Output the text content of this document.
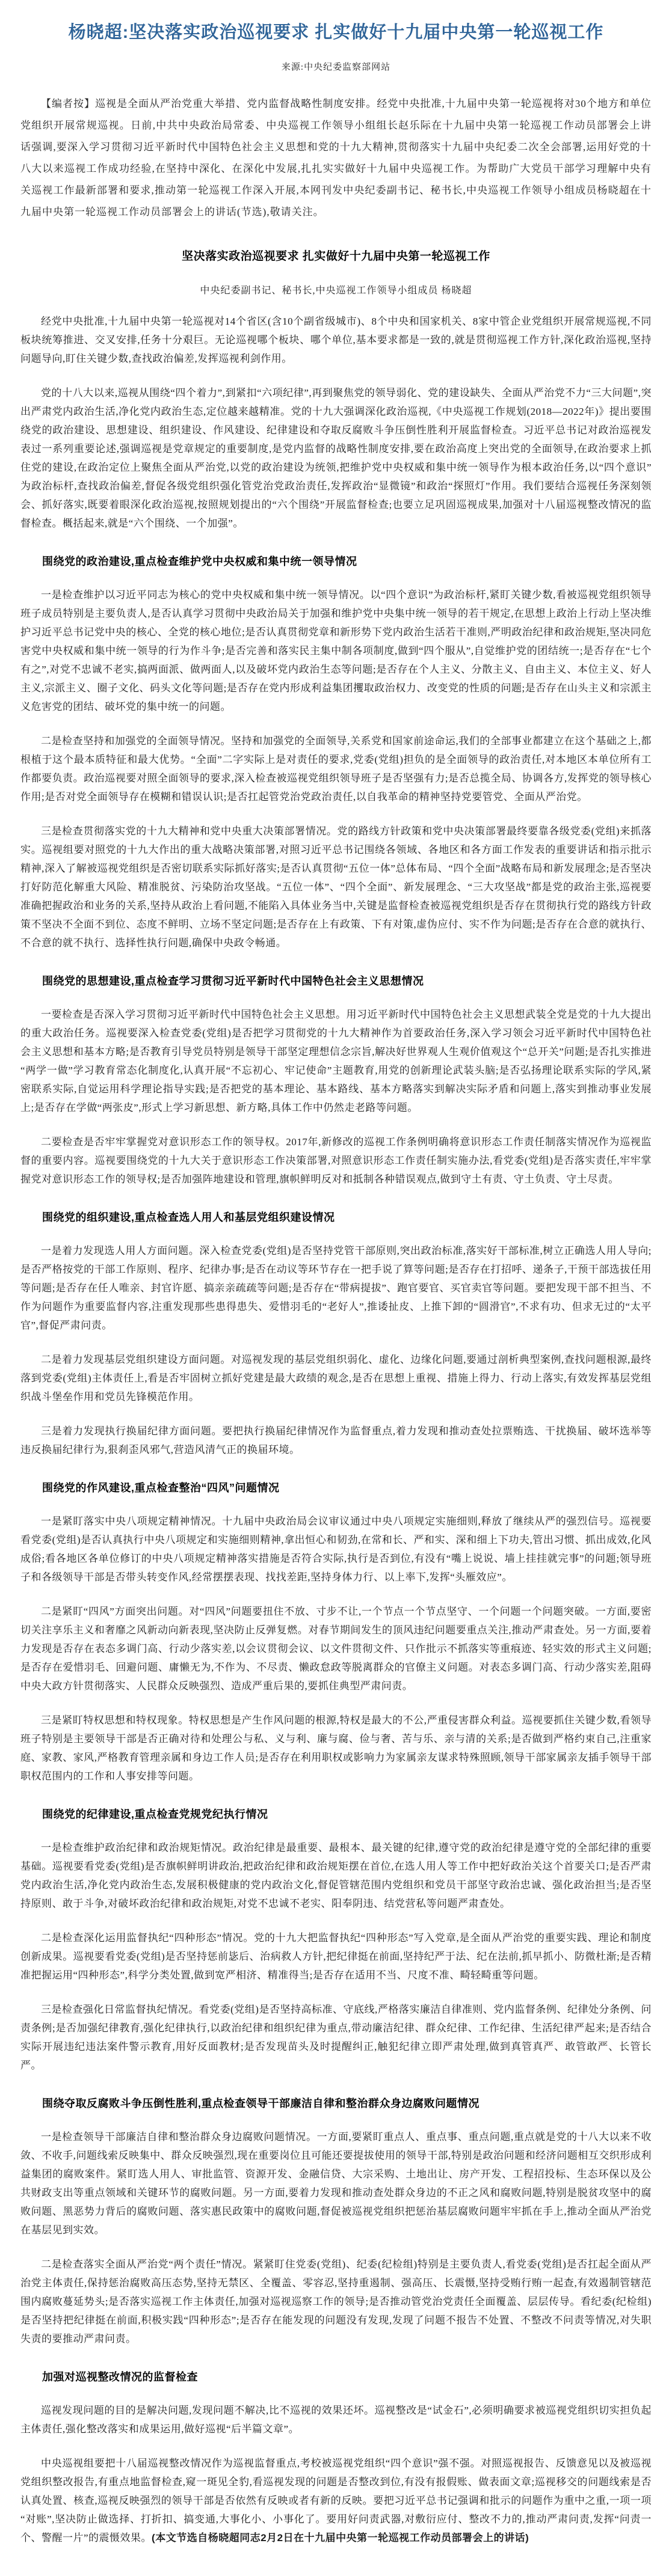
杨晓超:坚决落实政治巡视要求 扎实做好十九届中央第一轮巡视工作
来源:中央纪委监察部网站

【编者按】巡视是全面从严治党重大举措、党内监督战略性制度安排。经党中央批准,十九届中央第一轮巡视将对30个地方和单位党组织开展常规巡视。日前,中共中央政治局常委、中央巡视工作领导小组组长赵乐际在十九届中央第一轮巡视工作动员部署会上讲话强调,要深入学习贯彻习近平新时代中国特色社会主义思想和党的十九大精神,贯彻落实十九届中央纪委二次全会部署,运用好党的十八大以来巡视工作成功经验,在坚持中深化、在深化中发展,扎扎实实做好十九届中央巡视工作。为帮助广大党员干部学习理解中央有关巡视工作最新部署和要求,推动第一轮巡视工作深入开展,本网刊发中央纪委副书记、秘书长,中央巡视工作领导小组成员杨晓超在十九届中央第一轮巡视工作动员部署会上的讲话(节选),敬请关注。

坚决落实政治巡视要求 扎实做好十九届中央第一轮巡视工作
中央纪委副书记、秘书长,中央巡视工作领导小组成员 杨晓超

经党中央批准,十九届中央第一轮巡视对14个省区(含10个副省级城市)、8个中央和国家机关、8家中管企业党组织开展常规巡视,不同板块统筹推进、交叉安排,任务十分艰巨。无论巡视哪个板块、哪个单位,基本要求都是一致的,就是贯彻巡视工作方针,深化政治巡视,坚持问题导向,盯住关键少数,查找政治偏差,发挥巡视利剑作用。

党的十八大以来,巡视从围绕“四个着力”,到紧扣“六项纪律”,再到聚焦党的领导弱化、党的建设缺失、全面从严治党不力“三大问题”,突出严肃党内政治生活,净化党内政治生态,定位越来越精准。党的十九大强调深化政治巡视,《中央巡视工作规划(2018—2022年)》提出要围绕党的政治建设、思想建设、组织建设、作风建设、纪律建设和夺取反腐败斗争压倒性胜利开展监督检查。习近平总书记对政治巡视发表过一系列重要论述,强调巡视是党章规定的重要制度,是党内监督的战略性制度安排,要在政治高度上突出党的全面领导,在政治要求上抓住党的建设,在政治定位上聚焦全面从严治党,以党的政治建设为统领,把维护党中央权威和集中统一领导作为根本政治任务,以“四个意识”为政治标杆,查找政治偏差,督促各级党组织强化管党治党政治责任,发挥政治“显微镜”和政治“探照灯”作用。我们要结合巡视任务深刻领会、抓好落实,既要着眼深化政治巡视,按照规划提出的“六个围绕”开展监督检查;也要立足巩固巡视成果,加强对十八届巡视整改情况的监督检查。概括起来,就是“六个围绕、一个加强”。

围绕党的政治建设,重点检查维护党中央权威和集中统一领导情况

一是检查维护以习近平同志为核心的党中央权威和集中统一领导情况。以“四个意识”为政治标杆,紧盯关键少数,看被巡视党组织领导班子成员特别是主要负责人,是否认真学习贯彻中央政治局关于加强和维护党中央集中统一领导的若干规定,在思想上政治上行动上坚决维护习近平总书记党中央的核心、全党的核心地位;是否认真贯彻党章和新形势下党内政治生活若干准则,严明政治纪律和政治规矩,坚决同危害党中央权威和集中统一领导的行为作斗争;是否完善和落实民主集中制各项制度,做到“四个服从”,自觉维护党的团结统一;是否存在“七个有之”,对党不忠诚不老实,搞两面派、做两面人,以及破坏党内政治生态等问题;是否存在个人主义、分散主义、自由主义、本位主义、好人主义,宗派主义、圈子文化、码头文化等问题;是否存在党内形成利益集团攫取政治权力、改变党的性质的问题;是否存在山头主义和宗派主义危害党的团结、破坏党的集中统一的问题。

二是检查坚持和加强党的全面领导情况。坚持和加强党的全面领导,关系党和国家前途命运,我们的全部事业都建立在这个基础之上,都根植于这个最本质特征和最大优势。“全面”二字实际上是对责任的要求,党委(党组)担负的是全面领导的政治责任,对本地区本单位所有工作都要负责。政治巡视要对照全面领导的要求,深入检查被巡视党组织领导班子是否坚强有力;是否总揽全局、协调各方,发挥党的领导核心作用;是否对党全面领导存在模糊和错误认识;是否扛起管党治党政治责任,以自我革命的精神坚持党要管党、全面从严治党。

三是检查贯彻落实党的十九大精神和党中央重大决策部署情况。党的路线方针政策和党中央决策部署最终要靠各级党委(党组)来抓落实。巡视组要对照党的十九大作出的重大战略决策部署,对照习近平总书记围绕各领域、各地区和各方面工作发表的重要讲话和指示批示精神,深入了解被巡视党组织是否密切联系实际抓好落实;是否认真贯彻“五位一体”总体布局、“四个全面”战略布局和新发展理念;是否坚决打好防范化解重大风险、精准脱贫、污染防治攻坚战。“五位一体”、“四个全面”、新发展理念、“三大攻坚战”都是党的政治主张,巡视要准确把握政治和业务的关系,坚持从政治上看问题,不能陷入具体业务当中,关键是监督检查被巡视党组织是否存在贯彻执行党的路线方针政策不坚决不全面不到位、态度不鲜明、立场不坚定问题;是否存在上有政策、下有对策,虚伪应付、实不作为问题;是否存在合意的就执行、不合意的就不执行、选择性执行问题,确保中央政令畅通。

围绕党的思想建设,重点检查学习贯彻习近平新时代中国特色社会主义思想情况

一要检查是否深入学习贯彻习近平新时代中国特色社会主义思想。用习近平新时代中国特色社会主义思想武装全党是党的十九大提出的重大政治任务。巡视要深入检查党委(党组)是否把学习贯彻党的十九大精神作为首要政治任务,深入学习领会习近平新时代中国特色社会主义思想和基本方略;是否教育引导党员特别是领导干部坚定理想信念宗旨,解决好世界观人生观价值观这个“总开关”问题;是否扎实推进“两学一做”学习教育常态化制度化,认真开展“不忘初心、牢记使命”主题教育,用党的创新理论武装头脑;是否弘扬理论联系实际的学风,紧密联系实际,自觉运用科学理论指导实践;是否把党的基本理论、基本路线、基本方略落实到解决实际矛盾和问题上,落实到推动事业发展上;是否存在学做“两张皮”,形式上学习新思想、新方略,具体工作中仍然走老路等问题。

二要检查是否牢牢掌握党对意识形态工作的领导权。2017年,新修改的巡视工作条例明确将意识形态工作责任制落实情况作为巡视监督的重要内容。巡视要围绕党的十九大关于意识形态工作决策部署,对照意识形态工作责任制实施办法,看党委(党组)是否落实责任,牢牢掌握党对意识形态工作的领导权;是否加强阵地建设和管理,旗帜鲜明反对和抵制各种错误观点,做到守土有责、守土负责、守土尽责。

围绕党的组织建设,重点检查选人用人和基层党组织建设情况

一是着力发现选人用人方面问题。深入检查党委(党组)是否坚持党管干部原则,突出政治标准,落实好干部标准,树立正确选人用人导向;是否严格按党的干部工作原则、程序、纪律办事;是否在动议等环节存在一把手说了算等问题;是否存在打招呼、递条子,干预干部选拔任用等问题;是否存在任人唯亲、封官许愿、搞亲亲疏疏等问题;是否存在“带病提拔”、跑官要官、买官卖官等问题。要把发现干部不担当、不作为问题作为重要监督内容,注重发现那些患得患失、爱惜羽毛的“老好人”,推诿扯皮、上推下卸的“圆滑官”,不求有功、但求无过的“太平官”,督促严肃问责。

二是着力发现基层党组织建设方面问题。对巡视发现的基层党组织弱化、虚化、边缘化问题,要通过剖析典型案例,查找问题根源,最终落到党委(党组)主体责任上,看是否牢固树立抓好党建是最大政绩的观念,是否在思想上重视、措施上得力、行动上落实,有效发挥基层党组织战斗堡垒作用和党员先锋模范作用。

三是着力发现执行换届纪律方面问题。要把执行换届纪律情况作为监督重点,着力发现和推动查处拉票贿选、干扰换届、破坏选举等违反换届纪律行为,狠刹歪风邪气,营造风清气正的换届环境。

围绕党的作风建设,重点检查整治“四风”问题情况

一是紧盯落实中央八项规定精神情况。十九届中央政治局会议审议通过中央八项规定实施细则,释放了继续从严的强烈信号。巡视要看党委(党组)是否认真执行中央八项规定和实施细则精神,拿出恒心和韧劲,在常和长、严和实、深和细上下功夫,管出习惯、抓出成效,化风成俗;看各地区各单位修订的中央八项规定精神落实措施是否符合实际,执行是否到位,有没有“嘴上说说、墙上挂挂就完事”的问题;领导班子和各级领导干部是否带头转变作风,经常摆摆表现、找找差距,坚持身体力行、以上率下,发挥“头雁效应”。

二是紧盯“四风”方面突出问题。对“四风”问题要扭住不放、寸步不让,一个节点一个节点坚守、一个问题一个问题突破。一方面,要密切关注享乐主义和奢靡之风新动向新表现,坚决防止反弹复燃。对春节期间发生的顶风违纪问题要重点关注,推动严肃查处。另一方面,要着力发现是否存在表态多调门高、行动少落实差,以会议贯彻会议、以文件贯彻文件、只作批示不抓落实等重痕迹、轻实效的形式主义问题;是否存在爱惜羽毛、回避问题、庸懒无为,不作为、不尽责、懒政怠政等脱离群众的官僚主义问题。对表态多调门高、行动少落实差,阻碍中央大政方针贯彻落实、人民群众反映强烈、造成严重后果的,要抓住典型严肃问责。

三是紧盯特权思想和特权现象。特权思想是产生作风问题的根源,特权是最大的不公,严重侵害群众利益。巡视要抓住关键少数,看领导班子特别是主要领导干部是否正确对待和处理公与私、义与利、廉与腐、俭与奢、苦与乐、亲与清的关系;是否做到严格约束自己,注重家庭、家教、家风,严格教育管理亲属和身边工作人员;是否存在利用职权或影响力为家属亲友谋求特殊照顾,领导干部家属亲友插手领导干部职权范围内的工作和人事安排等问题。

围绕党的纪律建设,重点检查党规党纪执行情况

一是检查维护政治纪律和政治规矩情况。政治纪律是最重要、最根本、最关键的纪律,遵守党的政治纪律是遵守党的全部纪律的重要基础。巡视要看党委(党组)是否旗帜鲜明讲政治,把政治纪律和政治规矩摆在首位,在选人用人等工作中把好政治关这个首要关口;是否严肃党内政治生活,净化党内政治生态,发展积极健康的党内政治文化,督促管辖范围内党组织和党员干部坚守政治忠诚、强化政治担当;是否坚持原则、敢于斗争,对破坏政治纪律和政治规矩,对党不忠诚不老实、阳奉阴违、结党营私等问题严肃查处。

二是检查深化运用监督执纪“四种形态”情况。党的十九大把监督执纪“四种形态”写入党章,是全面从严治党的重要实践、理论和制度创新成果。巡视要看党委(党组)是否坚持惩前毖后、治病救人方针,把纪律挺在前面,坚持纪严于法、纪在法前,抓早抓小、防微杜渐;是否精准把握运用“四种形态”,科学分类处置,做到宽严相济、精准得当;是否存在适用不当、尺度不准、畸轻畸重等问题。

三是检查强化日常监督执纪情况。看党委(党组)是否坚持高标准、守底线,严格落实廉洁自律准则、党内监督条例、纪律处分条例、问责条例;是否加强纪律教育,强化纪律执行,以政治纪律和组织纪律为重点,带动廉洁纪律、群众纪律、工作纪律、生活纪律严起来;是否结合实际开展违纪违法案件警示教育,用好反面教材;是否发现苗头及时提醒纠正,触犯纪律立即严肃处理,做到真管真严、敢管敢严、长管长严。

围绕夺取反腐败斗争压倒性胜利,重点检查领导干部廉洁自律和整治群众身边腐败问题情况

一是检查领导干部廉洁自律和整治群众身边腐败问题情况。一方面,要紧盯重点人、重点事、重点问题,重点就是党的十八大以来不收敛、不收手,问题线索反映集中、群众反映强烈,现在重要岗位且可能还要提拔使用的领导干部,特别是政治问题和经济问题相互交织形成利益集团的腐败案件。紧盯选人用人、审批监管、资源开发、金融信贷、大宗采购、土地出让、房产开发、工程招投标、生态环保以及公共财政支出等重点领域和关键环节的腐败问题。另一方面,要着力发现和推动查处群众身边的不正之风和腐败问题,特别是脱贫攻坚中的腐败问题、黑恶势力背后的腐败问题、落实惠民政策中的腐败问题,督促被巡视党组织把惩治基层腐败问题牢牢抓在手上,推动全面从严治党在基层见到实效。

二是检查落实全面从严治党“两个责任”情况。紧紧盯住党委(党组)、纪委(纪检组)特别是主要负责人,看党委(党组)是否扛起全面从严治党主体责任,保持惩治腐败高压态势,坚持无禁区、全覆盖、零容忍,坚持重遏制、强高压、长震慑,坚持受贿行贿一起查,有效遏制管辖范围内腐败蔓延势头;是否落实巡视工作主体责任,加强对巡视巡察工作的领导;是否推动管党治党责任全面覆盖、层层传导。看纪委(纪检组)是否坚持把纪律挺在前面,积极实践“四种形态”;是否存在能发现的问题没有发现,发现了问题不报告不处置、不整改不问责等情况,对失职失责的要推动严肃问责。

加强对巡视整改情况的监督检查

巡视发现问题的目的是解决问题,发现问题不解决,比不巡视的效果还坏。巡视整改是“试金石”,必须明确要求被巡视党组织切实担负起主体责任,强化整改落实和成果运用,做好巡视“后半篇文章”。

中央巡视组要把十八届巡视整改情况作为巡视监督重点,考校被巡视党组织“四个意识”强不强。对照巡视报告、反馈意见以及被巡视党组织整改报告,有重点地监督检查,窥一斑见全豹,看巡视发现的问题是否整改到位,有没有报假账、做表面文章;巡视移交的问题线索是否认真处置、核查,巡视反映强烈的领导干部是否依然有反映或者有新的反映。要把习近平总书记强调和批示的问题作为重中之重,一项一项“对账”,坚决防止做选择、打折扣、搞变通,大事化小、小事化了。要用好问责武器,对敷衍应付、整改不力的,推动严肃问责,发挥“问责一个、警醒一片”的震慑效果。(本文节选自杨晓超同志2月2日在十九届中央第一轮巡视工作动员部署会上的讲话)
